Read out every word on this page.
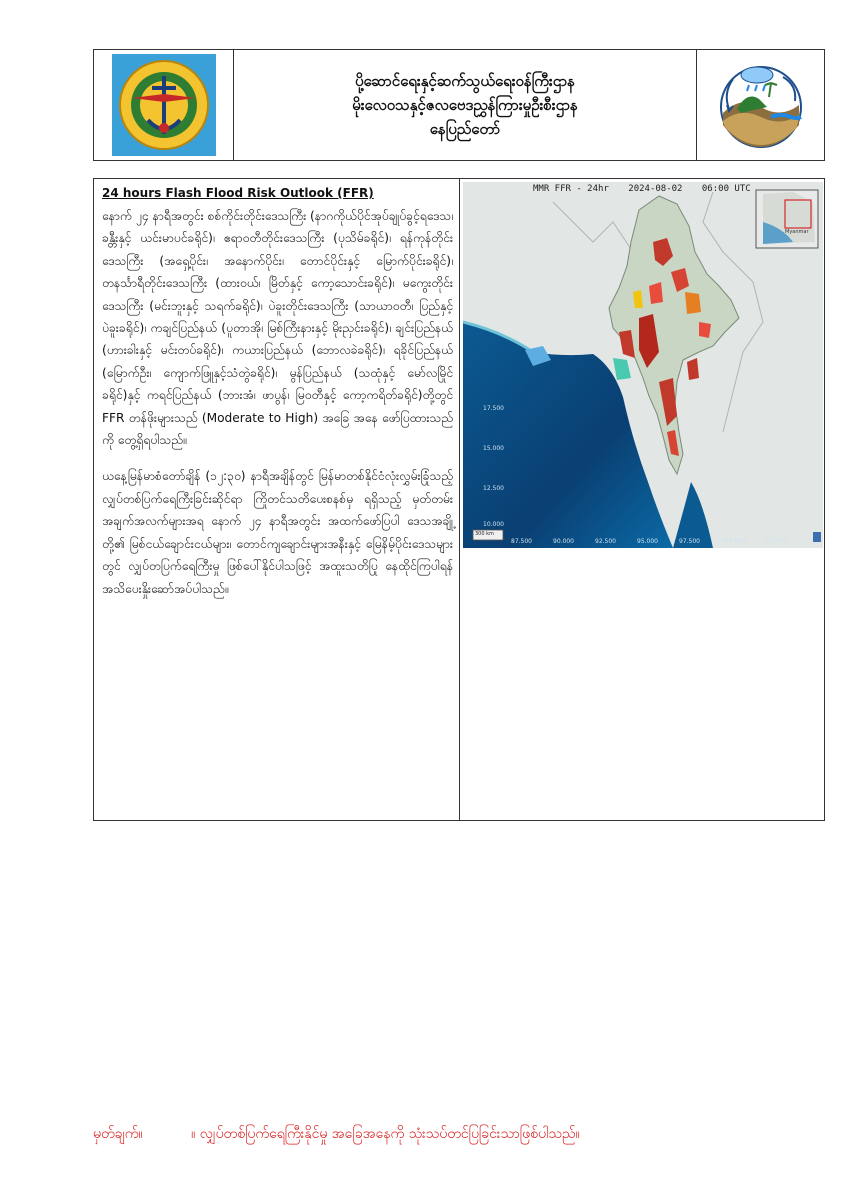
ပို့ဆောင်ရေးနှင့်ဆက်သွယ်ရေးဝန်ကြီးဌာန
မိုးလေဝသနှင့်ဇလဗေဒညွှန်ကြားမှုဦးစီးဌာန
နေပြည်တော်
24 hours Flash Flood Risk Outlook (FFR)

နောက် ၂၄ နာရီအတွင်း စစ်ကိုင်းတိုင်းဒေသကြီး (နာဂကိုယ်ပိုင်အုပ်ချုပ်ခွင့်ရဒေသ၊ ခန္တီးနှင့် ယင်းမာပင်ခရိုင်)၊ ဧရာဝတီတိုင်းဒေသကြီး (ပုသိမ်ခရိုင်)၊ ရန်ကုန်တိုင်းဒေသကြီး (အရှေ့ပိုင်း၊ အနောက်ပိုင်း၊ တောင်ပိုင်းနှင့် မြောက်ပိုင်းခရိုင်)၊ တနင်္သာရီတိုင်းဒေသကြီး (ထားဝယ်၊ မြိတ်နှင့် ကော့သောင်းခရိုင်)၊ မကွေးတိုင်းဒေသကြီး (မင်းဘူးနှင့် သရက်ခရိုင်)၊ ပဲခူးတိုင်းဒေသကြီး (သာယာဝတီ၊ ပြည်နှင့် ပဲခူးခရိုင်)၊ ကချင်ပြည်နယ် (ပူတာအို၊ မြစ်ကြီးနားနှင့် မိုးညှင်းခရိုင်)၊ ချင်းပြည်နယ် (ဟားခါးနှင့် မင်းတပ်ခရိုင်)၊ ကယားပြည်နယ် (ဘောလခဲခရိုင်)၊ ရခိုင်ပြည်နယ် (မြောက်ဦး၊ ကျောက်ဖြူနှင့်သံတွဲခရိုင်)၊ မွန်ပြည်နယ် (သထုံနှင့် မော်လမြိုင်ခရိုင်)နှင့် ကရင်ပြည်နယ် (ဘားအံ၊ ဖာပွန်၊ မြဝတီနှင့် ကော့ကရိတ်ခရိုင်)တို့တွင် FFR တန်ဖိုးများသည် (Moderate to High) အခြေ အနေ ဖော်ပြထားသည်ကို တွေ့ရှိရပါသည်။

ယနေ့မြန်မာစံတော်ချိန် (၁၂:၃၀) နာရီအချိန်တွင် မြန်မာတစ်နိုင်ငံလုံးလွှမ်းခြုံသည့် လျှပ်တစ်ပြက်ရေကြီးခြင်းဆိုင်ရာ ကြိုတင်သတိပေးစနစ်မှ ရရှိသည့် မှတ်တမ်းအချက်အလက်များအရ နောက် ၂၄ နာရီအတွင်း အထက်ဖော်ပြပါ ဒေသအချို့တို့၏ မြစ်ငယ်ချောင်းငယ်များ၊ တောင်ကျချောင်းများအနီးနှင့် မြေနိမ့်ပိုင်းဒေသများတွင် လျှပ်တပြက်ရေကြီးမှု ဖြစ်ပေါ်နိုင်ပါသဖြင့် အထူးသတိပြု နေထိုင်ကြပါရန် အသိပေးနှိုးဆော်အပ်ပါသည်။

MMR FFR - 24hr 2024-08-02 06:00 UTC
Myanmar
17.500
15.000
12.500
10.000
87.500	90.000	92.500	95.000	97.500	100.000	102.500
300 km
မှတ်ချက်။	။ လျှပ်တစ်ပြက်ရေကြီးနိုင်မှု အခြေအနေကို သုံးသပ်တင်ပြခြင်းသာဖြစ်ပါသည်။
